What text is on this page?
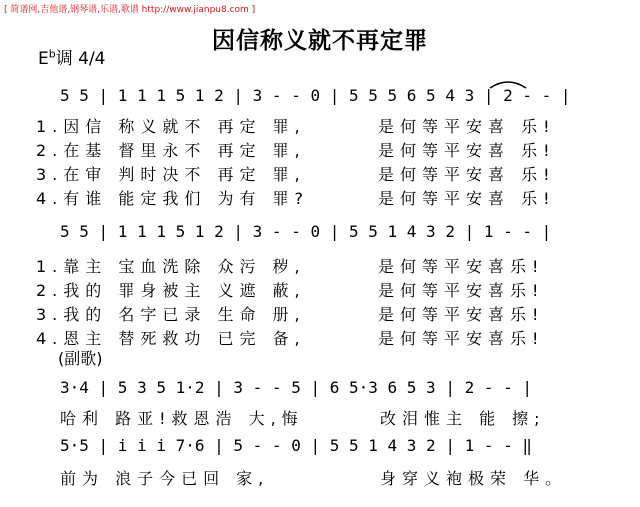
[ 简谱网,吉他谱,钢琴谱,乐谱,歌谱 http://www.jianpu8.com ]
因信称义就不再定罪
$E^b$调 4/4
5 5 | 1 1 1 5 1 2 | 3 - - 0 | 5 5 5 6 5 4 3 | 2 - - |
1.因信 称义就不 再定 罪,	是何等平安喜 乐!
2.在基 督里永不 再定 罪,	是何等平安喜 乐!
3.在审 判时决不 再定 罪,	是何等平安喜 乐!
4.有谁 能定我们 为有 罪?	是何等平安喜 乐!
5 5 | 1 1 1 5 1 2 | 3 - - 0 | 5 5 1 4 3 2 | 1 - - |
1.靠主 宝血洗除 众污 秽,	是何等平安喜乐!
2.我的 罪身被主 义遮 蔽,	是何等平安喜乐!
3.我的 名字已录 生命 册,	是何等平安喜乐!
4.恩主 替死救功 已完 备,	是何等平安喜乐!
(副歌)
3·4 | 5 3 5 1·2 | 3 - - 5 | 6 5·3 6 5 3 | 2 - - |
哈利 路亚!救恩浩 大,悔	改泪惟主 能 擦;
5·5 | i i i 7·6 | 5 - - 0 | 5 5 1 4 3 2 | 1 - - ‖
前为 浪子今已回 家,	身穿义袍极荣 华。
